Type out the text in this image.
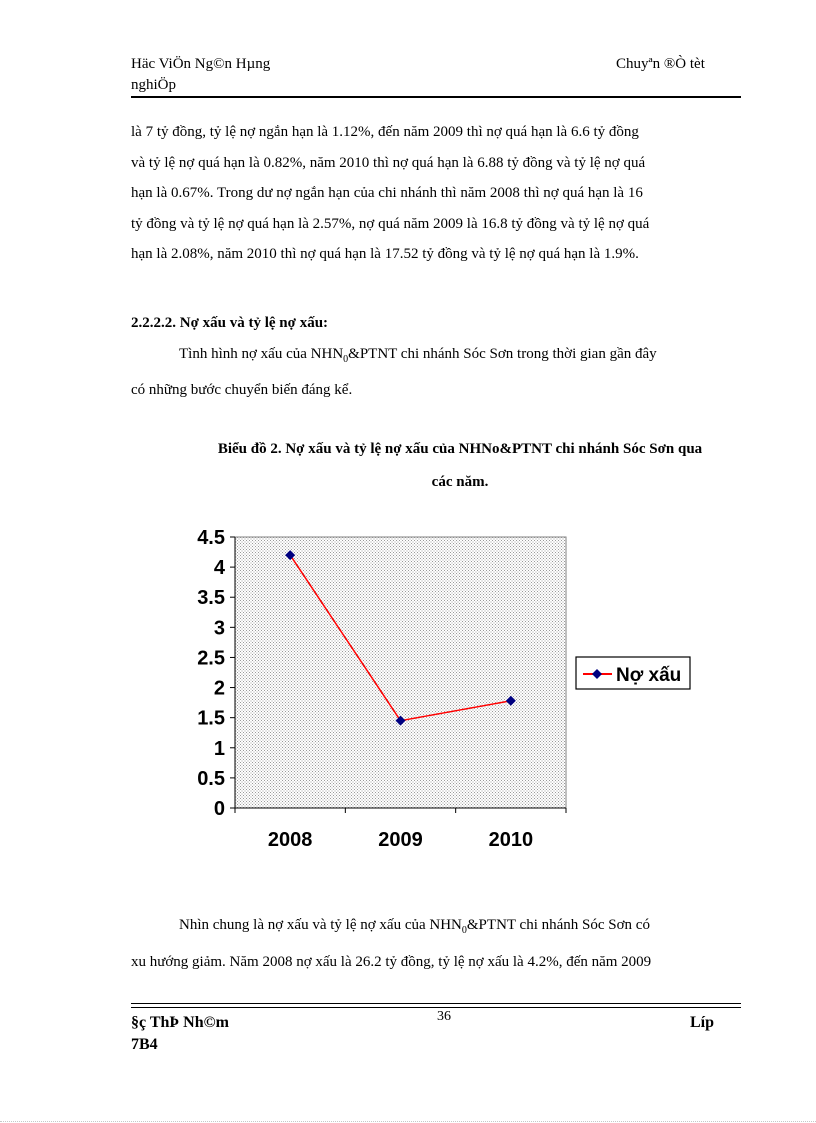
Häc ViÖn Ng©n Hµng
nghiÖp
Chuyªn ®Ò tèt
là 7 tỷ đồng, tỷ lệ nợ ngắn hạn là 1.12%, đến năm 2009 thì nợ quá hạn là 6.6 tỷ đồng
và tỷ lệ nợ quá hạn là 0.82%, năm 2010 thì nợ quá hạn là 6.88 tỷ đồng và tỷ lệ nợ quá
hạn là 0.67%. Trong dư nợ ngắn hạn của chi nhánh thì năm 2008 thì nợ quá hạn là 16
tỷ đồng và tỷ lệ nợ quá hạn là 2.57%, nợ quá năm 2009 là 16.8 tỷ đồng và tỷ lệ nợ quá
hạn là 2.08%, năm 2010 thì nợ quá hạn là 17.52 tỷ đồng và tỷ lệ nợ quá hạn là 1.9%.
2.2.2.2. Nợ xấu và tỷ lệ nợ xấu:
Tình hình nợ xấu của $NHN_0\&PTNT$ chi nhánh Sóc Sơn trong thời gian gần đây
có những bước chuyển biến đáng kể.
Biểu đồ 2. Nợ xấu và tỷ lệ nợ xấu của NHNo&PTNT chi nhánh Sóc Sơn qua
các năm.
0
0.5
1
1.5
2
2.5
3
3.5
4
4.5
2008	2009	2010
Nợ xấu
Nhìn chung là nợ xấu và tỷ lệ nợ xấu của $NHN_0\&PTNT$ chi nhánh Sóc Sơn có
xu hướng giảm. Năm 2008 nợ xấu là 26.2 tỷ đồng, tỷ lệ nợ xấu là 4.2%, đến năm 2009
§ç ThÞ Nh©m
7B4
36	Líp
